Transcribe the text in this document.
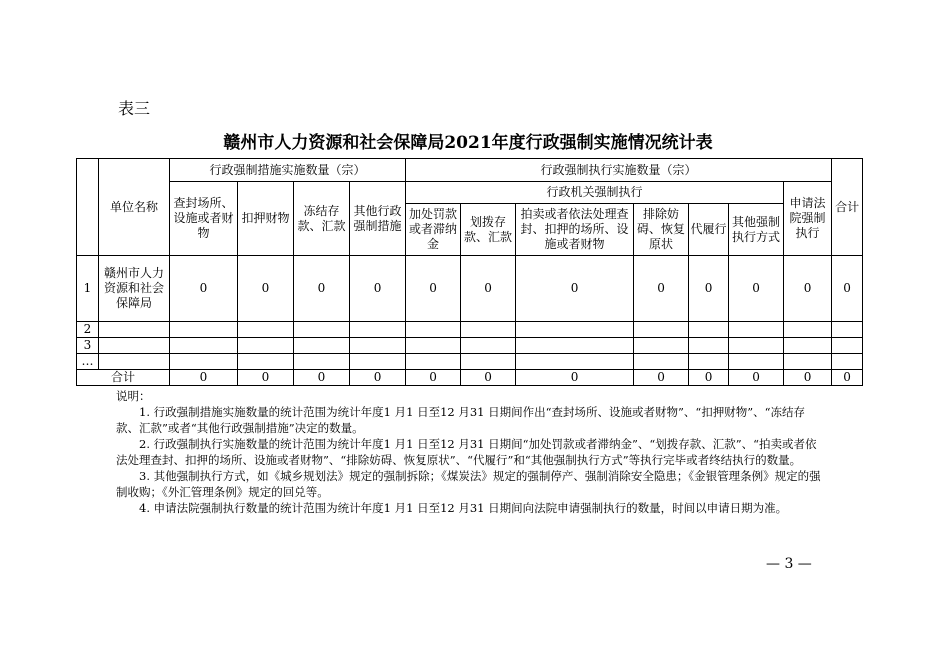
表三
赣州市人力资源和社会保障局2021年度行政强制实施情况统计表
	单位名称	行政强制措施实施数量（宗）				行政强制执行实施数量（宗）							合计
		查封场所、设施或者财物	扣押财物	冻结存款、汇款	其他行政强制措施	行政机关强制执行						申请法院强制执行	
						加处罚款或者滞纳金	划拨存款、汇款	拍卖或者依法处理查封、扣押的场所、设施或者财物	排除妨碍、恢复原状	代履行	其他强制执行方式		
1	赣州市人力资源和社会保障局	0	0	0	0	0	0	0	0	0	0	0	0
2													
3													
…													
合计		0	0	0	0	0	0	0	0	0	0	0	0

说明：

1. 行政强制措施实施数量的统计范围为统计年度1 月1 日至12 月31 日期间作出“查封场所、设施或者财物”、“扣押财物”、“冻结存款、汇款”或者“其他行政强制措施”决定的数量。

2. 行政强制执行实施数量的统计范围为统计年度1 月1 日至12 月31 日期间“加处罚款或者滞纳金”、“划拨存款、汇款”、“拍卖或者依法处理查封、扣押的场所、设施或者财物”、“排除妨碍、恢复原状”、“代履行”和“其他强制执行方式”等执行完毕或者终结执行的数量。

3. 其他强制执行方式，如《城乡规划法》规定的强制拆除；《煤炭法》规定的强制停产、强制消除安全隐患；《金银管理条例》规定的强制收购；《外汇管理条例》规定的回兑等。

4. 申请法院强制执行数量的统计范围为统计年度1 月1 日至12 月31 日期间向法院申请强制执行的数量，时间以申请日期为准。

— 3 —
